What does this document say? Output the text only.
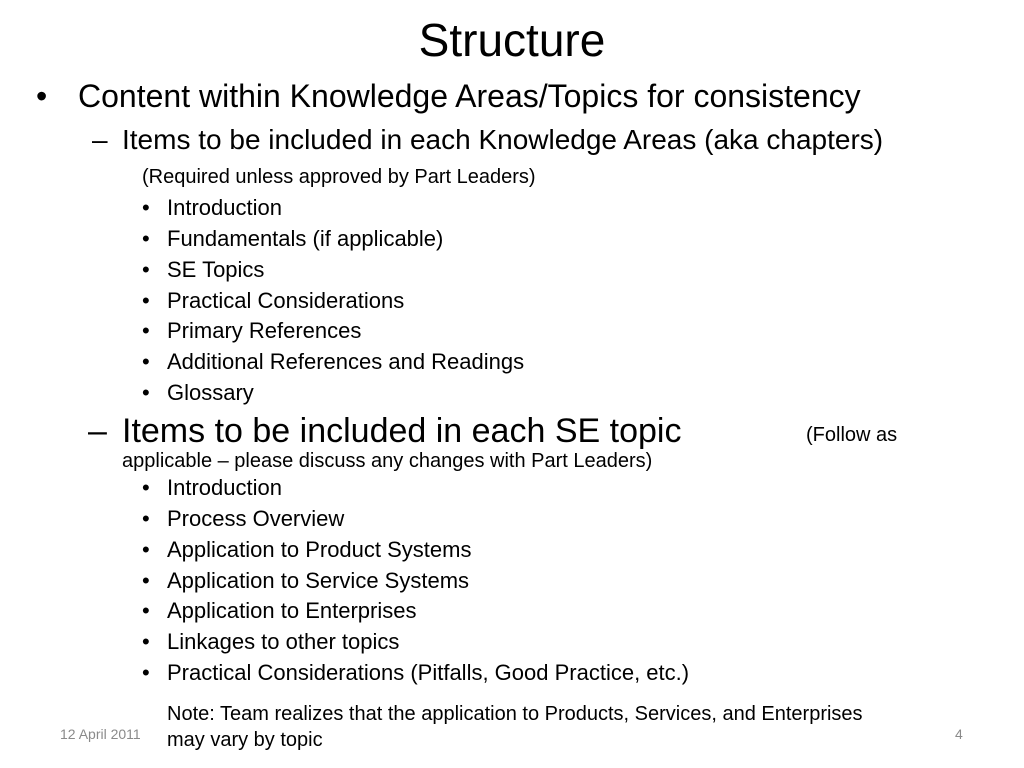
Structure
• Content within Knowledge Areas/Topics for consistency
– Items to be included in each Knowledge Areas (aka chapters)
(Required unless approved by Part Leaders)
• Introduction
• Fundamentals (if applicable)
• SE Topics
• Practical Considerations
• Primary References
• Additional References and Readings
• Glossary
– Items to be included in each SE topic	(Follow as
applicable – please discuss any changes with Part Leaders)
• Introduction
• Process Overview
• Application to Product Systems
• Application to Service Systems
• Application to Enterprises
• Linkages to other topics
• Practical Considerations (Pitfalls, Good Practice, etc.)
Note: Team realizes that the application to Products, Services, and Enterprises
may vary by topic
12 April 2011	4
